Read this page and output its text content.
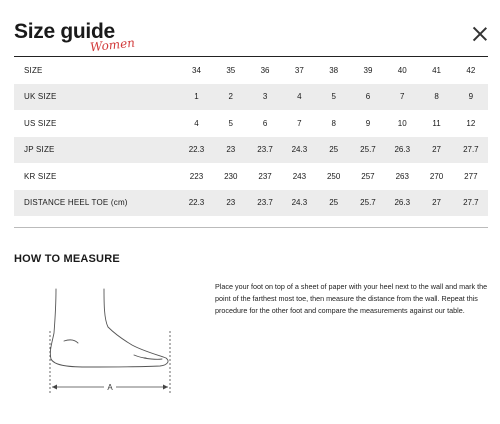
Size guide
Women
SIZE	34	35	36	37	38	39	40	41	42
UK SIZE	1	2	3	4	5	6	7	8	9
US SIZE	4	5	6	7	8	9	10	11	12
JP SIZE	22.3	23	23.7	24.3	25	25.7	26.3	27	27.7
KR SIZE	223	230	237	243	250	257	263	270	277
DISTANCE HEEL TOE (cm)	22.3	23	23.7	24.3	25	25.7	26.3	27	27.7
HOW TO MEASURE
A
Place your foot on top of a sheet of paper with your heel next to the wall and mark the point of the farthest most toe, then measure the distance from the wall. Repeat this procedure for the other foot and compare the measurements against our table.
